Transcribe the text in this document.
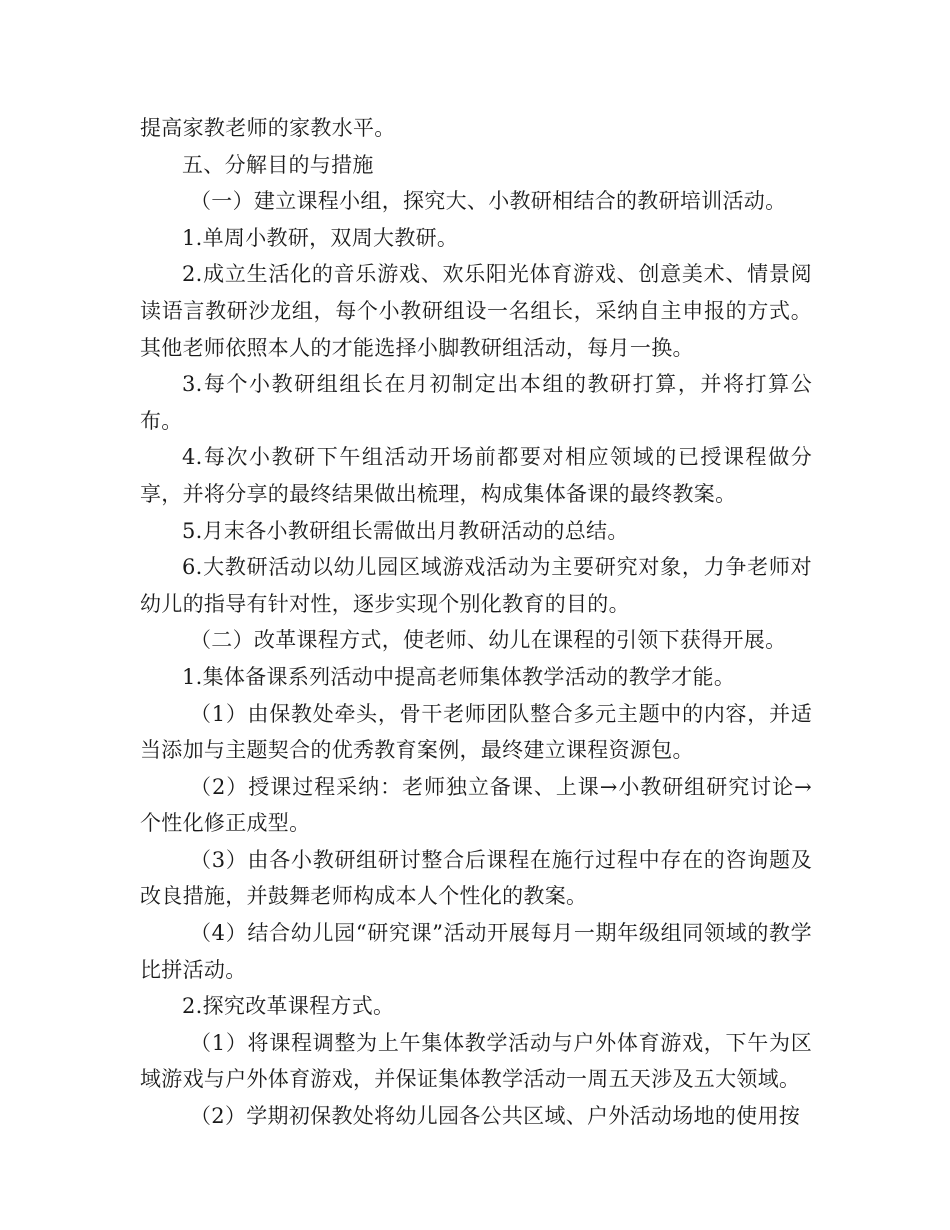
提高家教老师的家教水平。

五、分解目的与措施

（一）建立课程小组，探究大、小教研相结合的教研培训活动。

1.单周小教研，双周大教研。

2.成立生活化的音乐游戏、欢乐阳光体育游戏、创意美术、情景阅读语言教研沙龙组，每个小教研组设一名组长，采纳自主申报的方式。其他老师依照本人的才能选择小脚教研组活动，每月一换。

3.每个小教研组组长在月初制定出本组的教研打算，并将打算公布。

4.每次小教研下午组活动开场前都要对相应领域的已授课程做分享，并将分享的最终结果做出梳理，构成集体备课的最终教案。

5.月末各小教研组长需做出月教研活动的总结。

6.大教研活动以幼儿园区域游戏活动为主要研究对象，力争老师对幼儿的指导有针对性，逐步实现个别化教育的目的。

（二）改革课程方式，使老师、幼儿在课程的引领下获得开展。

1.集体备课系列活动中提高老师集体教学活动的教学才能。

（1）由保教处牵头，骨干老师团队整合多元主题中的内容，并适当添加与主题契合的优秀教育案例，最终建立课程资源包。

（2）授课过程采纳：老师独立备课、上课→小教研组研究讨论→个性化修正成型。

（3）由各小教研组研讨整合后课程在施行过程中存在的咨询题及改良措施，并鼓舞老师构成本人个性化的教案。

（4）结合幼儿园“研究课”活动开展每月一期年级组同领域的教学比拼活动。

2.探究改革课程方式。

（1）将课程调整为上午集体教学活动与户外体育游戏，下午为区域游戏与户外体育游戏，并保证集体教学活动一周五天涉及五大领域。

（2）学期初保教处将幼儿园各公共区域、户外活动场地的使用按
